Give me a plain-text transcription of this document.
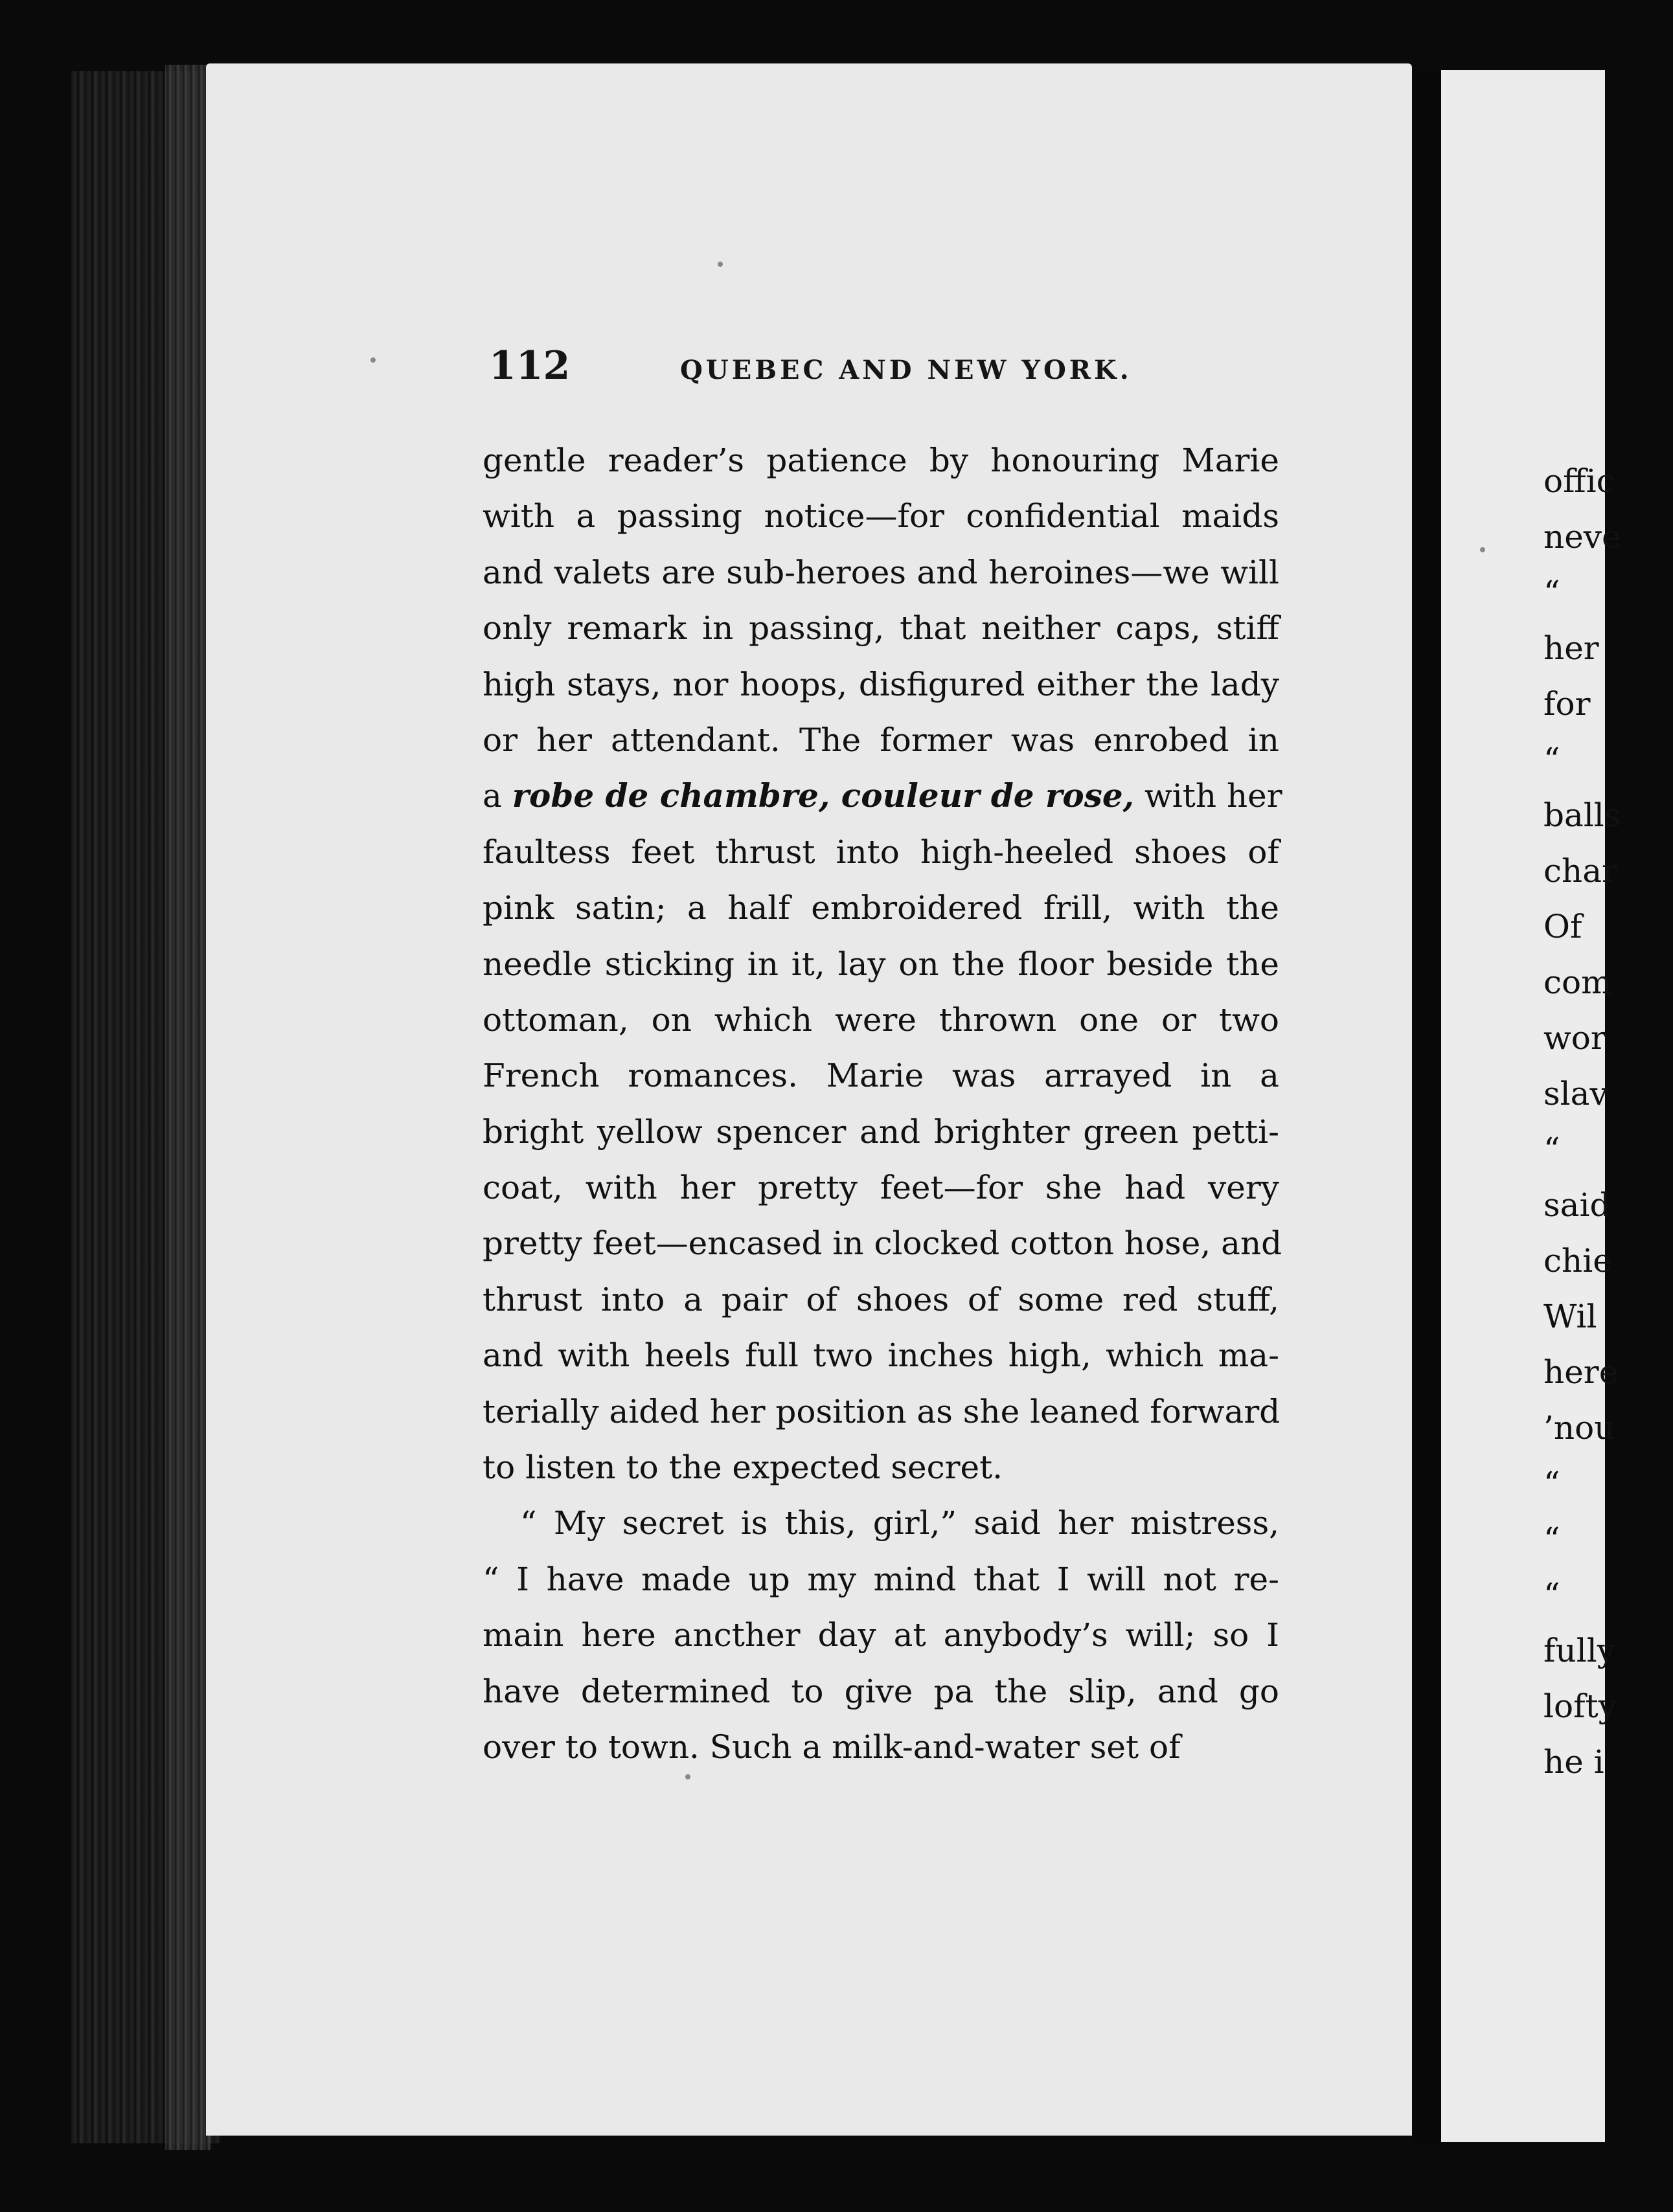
112	QUEBEC AND NEW YORK.
gentle reader’s patience by honouring Marie
with a passing notice—for confidential maids
and valets are sub-heroes and heroines—we will
only remark in passing, that neither caps, stiff
high stays, nor hoops, disfigured either the lady
or her attendant. The former was enrobed in
a robe de chambre, couleur de rose, with her
faultess feet thrust into high-heeled shoes of
pink satin; a half embroidered frill, with the
needle sticking in it, lay on the floor beside the
ottoman, on which were thrown one or two
French romances. Marie was arrayed in a
bright yellow spencer and brighter green petti-
coat, with her pretty feet—for she had very
pretty feet—encased in clocked cotton hose, and
thrust into a pair of shoes of some red stuff,
and with heels full two inches high, which ma-
terially aided her position as she leaned forward
to listen to the expected secret.
“ My secret is this, girl,” said her mistress,
“ I have made up my mind that I will not re-
main here ancther day at anybody’s will; so I
have determined to give pa the slip, and go
over to town. Such a milk-and-water set of
offic
neve
“
her
for
“
balls
char
Of
com
wor
slav
“
said
chie
Wil
here
’nou
“
“
“
fully
lofty
he i
